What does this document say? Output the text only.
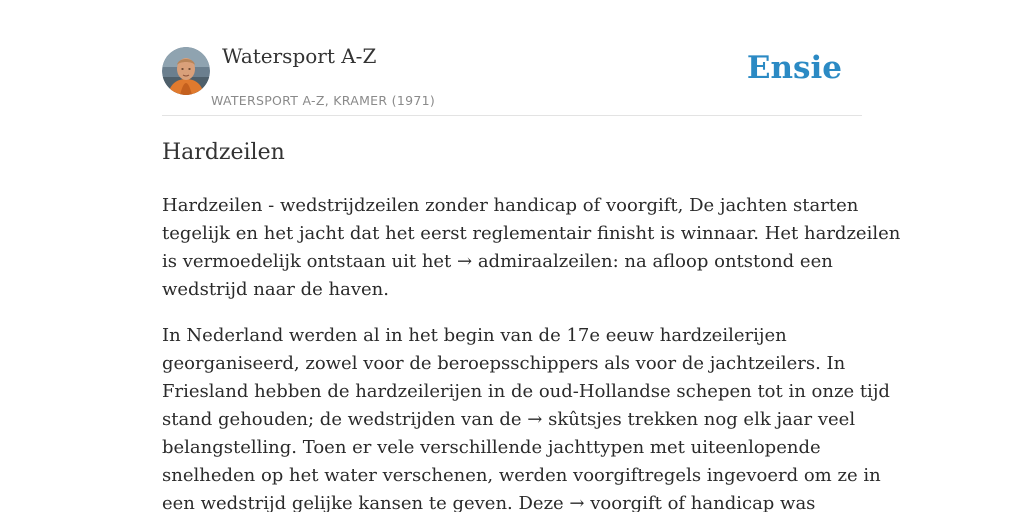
Watersport A-Z
WATERSPORT A-Z, KRAMER (1971)
Ensie
Hardzeilen
Hardzeilen - wedstrijdzeilen zonder handicap of voorgift, De jachten starten
tegelijk en het jacht dat het eerst reglementair finisht is winnaar. Het hardzeilen
is vermoedelijk ontstaan uit het → admiraalzeilen: na afloop ontstond een
wedstrijd naar de haven.
In Nederland werden al in het begin van de 17e eeuw hardzeilerijen
georganiseerd, zowel voor de beroepsschippers als voor de jachtzeilers. In
Friesland hebben de hardzeilerijen in de oud-Hollandse schepen tot in onze tijd
stand gehouden; de wedstrijden van de → skûtsjes trekken nog elk jaar veel
belangstelling. Toen er vele verschillende jachttypen met uiteenlopende
snelheden op het water verschenen, werden voorgiftregels ingevoerd om ze in
een wedstrijd gelijke kansen te geven. Deze → voorgift of handicap was
